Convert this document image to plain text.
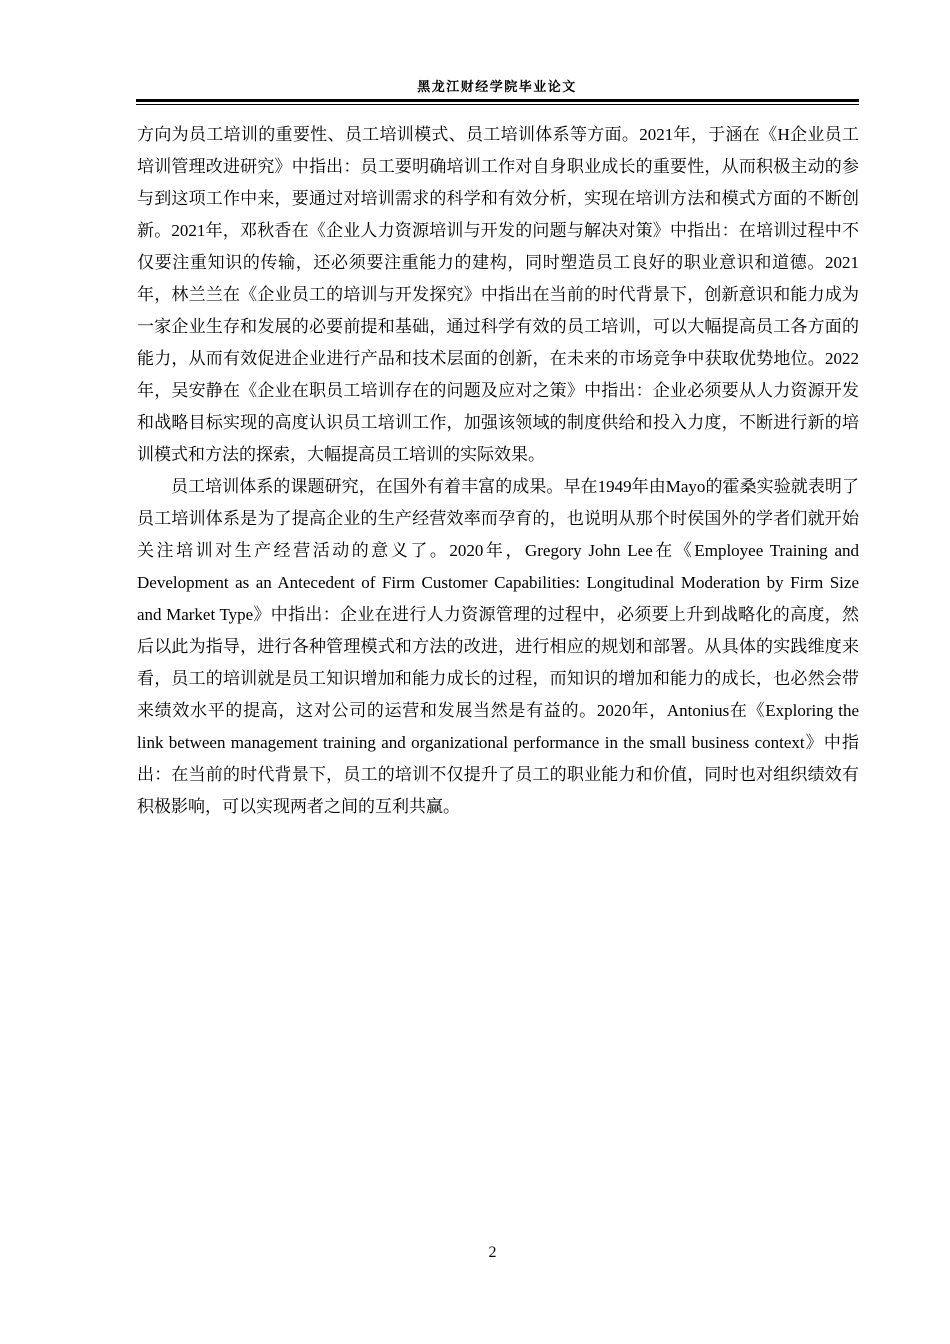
黑龙江财经学院毕业论文

方向为员工培训的重要性、员工培训模式、员工培训体系等方面。2021年，于涵在《H企业员工培训管理改进研究》中指出：员工要明确培训工作对自身职业成长的重要性，从而积极主动的参与到这项工作中来，要通过对培训需求的科学和有效分析，实现在培训方法和模式方面的不断创新。2021年，邓秋香在《企业人力资源培训与开发的问题与解决对策》中指出：在培训过程中不仅要注重知识的传输，还必须要注重能力的建构，同时塑造员工良好的职业意识和道德。2021年，林兰兰在《企业员工的培训与开发探究》中指出在当前的时代背景下，创新意识和能力成为一家企业生存和发展的必要前提和基础，通过科学有效的员工培训，可以大幅提高员工各方面的能力，从而有效促进企业进行产品和技术层面的创新，在未来的市场竞争中获取优势地位。2022年，吴安静在《企业在职员工培训存在的问题及应对之策》中指出：企业必须要从人力资源开发和战略目标实现的高度认识员工培训工作，加强该领域的制度供给和投入力度，不断进行新的培训模式和方法的探索，大幅提高员工培训的实际效果。

员工培训体系的课题研究，在国外有着丰富的成果。早在1949年由Mayo的霍桑实验就表明了员工培训体系是为了提高企业的生产经营效率而孕育的，也说明从那个时侯国外的学者们就开始关注培训对生产经营活动的意义了。2020年，Gregory John Lee在《Employee Training and Development as an Antecedent of Firm Customer Capabilities: Longitudinal Moderation by Firm Size and Market Type》中指出：企业在进行人力资源管理的过程中，必须要上升到战略化的高度，然后以此为指导，进行各种管理模式和方法的改进，进行相应的规划和部署。从具体的实践维度来看，员工的培训就是员工知识增加和能力成长的过程，而知识的增加和能力的成长，也必然会带来绩效水平的提高，这对公司的运营和发展当然是有益的。2020年，Antonius在《Exploring the link between management training and organizational performance in the small business context》中指出：在当前的时代背景下，员工的培训不仅提升了员工的职业能力和价值，同时也对组织绩效有积极影响，可以实现两者之间的互利共赢。

2
